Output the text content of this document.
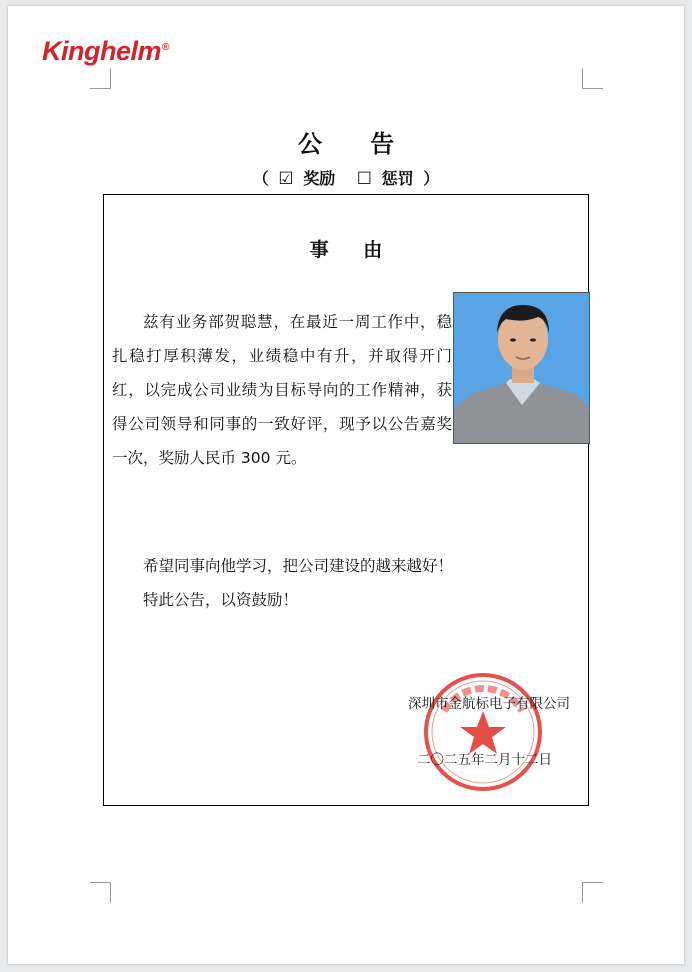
Kinghelm®
公 告
（ ☑ 奖励 ☐ 惩罚 ）
事 由
兹有业务部贺聪慧，在最近一周工作中，稳扎稳打厚积薄发，业绩稳中有升，并取得开门红，以完成公司业绩为目标导向的工作精神，获得公司领导和同事的一致好评，现予以公告嘉奖一次，奖励人民币 300 元。

希望同事向他学习，把公司建设的越来越好！

特此公告，以资鼓励！

深圳市金航标电子有限公司
二〇二五年二月十二日
